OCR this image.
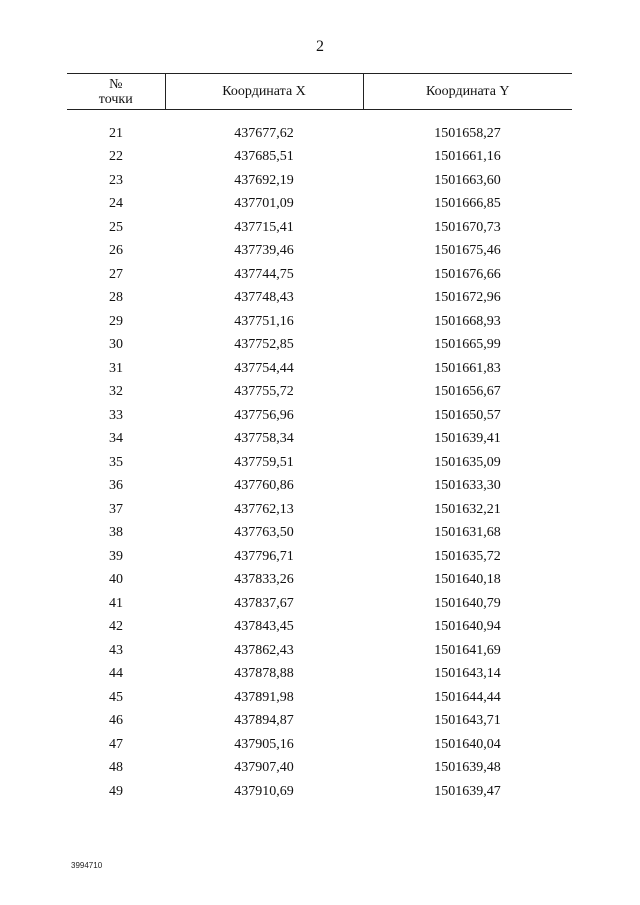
2
№
точки	Координата X	Координата Y

21	437677,62	1501658,27
22	437685,51	1501661,16
23	437692,19	1501663,60
24	437701,09	1501666,85
25	437715,41	1501670,73
26	437739,46	1501675,46
27	437744,75	1501676,66
28	437748,43	1501672,96
29	437751,16	1501668,93
30	437752,85	1501665,99
31	437754,44	1501661,83
32	437755,72	1501656,67
33	437756,96	1501650,57
34	437758,34	1501639,41
35	437759,51	1501635,09
36	437760,86	1501633,30
37	437762,13	1501632,21
38	437763,50	1501631,68
39	437796,71	1501635,72
40	437833,26	1501640,18
41	437837,67	1501640,79
42	437843,45	1501640,94
43	437862,43	1501641,69
44	437878,88	1501643,14
45	437891,98	1501644,44
46	437894,87	1501643,71
47	437905,16	1501640,04
48	437907,40	1501639,48
49	437910,69	1501639,47
3994710
